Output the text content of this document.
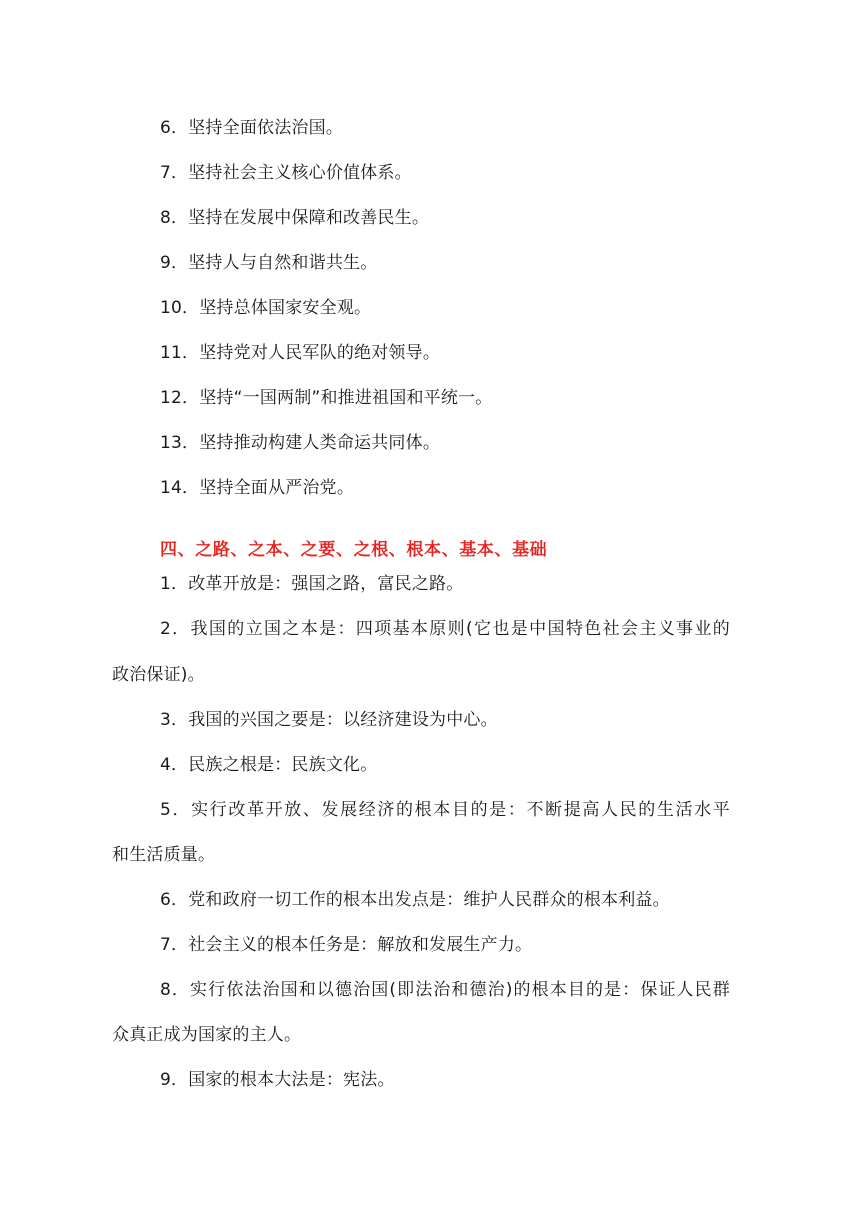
6．坚持全面依法治国。
7．坚持社会主义核心价值体系。
8．坚持在发展中保障和改善民生。
9．坚持人与自然和谐共生。
10．坚持总体国家安全观。
11．坚持党对人民军队的绝对领导。
12．坚持“一国两制”和推进祖国和平统一。
13．坚持推动构建人类命运共同体。
14．坚持全面从严治党。
四、之路、之本、之要、之根、根本、基本、基础
1．改革开放是：强国之路，富民之路。
2．我国的立国之本是：四项基本原则(它也是中国特色社会主义事业的
政治保证)。
3．我国的兴国之要是：以经济建设为中心。
4．民族之根是：民族文化。
5．实行改革开放、发展经济的根本目的是：不断提高人民的生活水平
和生活质量。
6．党和政府一切工作的根本出发点是：维护人民群众的根本利益。
7．社会主义的根本任务是：解放和发展生产力。
8．实行依法治国和以德治国(即法治和德治)的根本目的是：保证人民群
众真正成为国家的主人。
9．国家的根本大法是：宪法。
